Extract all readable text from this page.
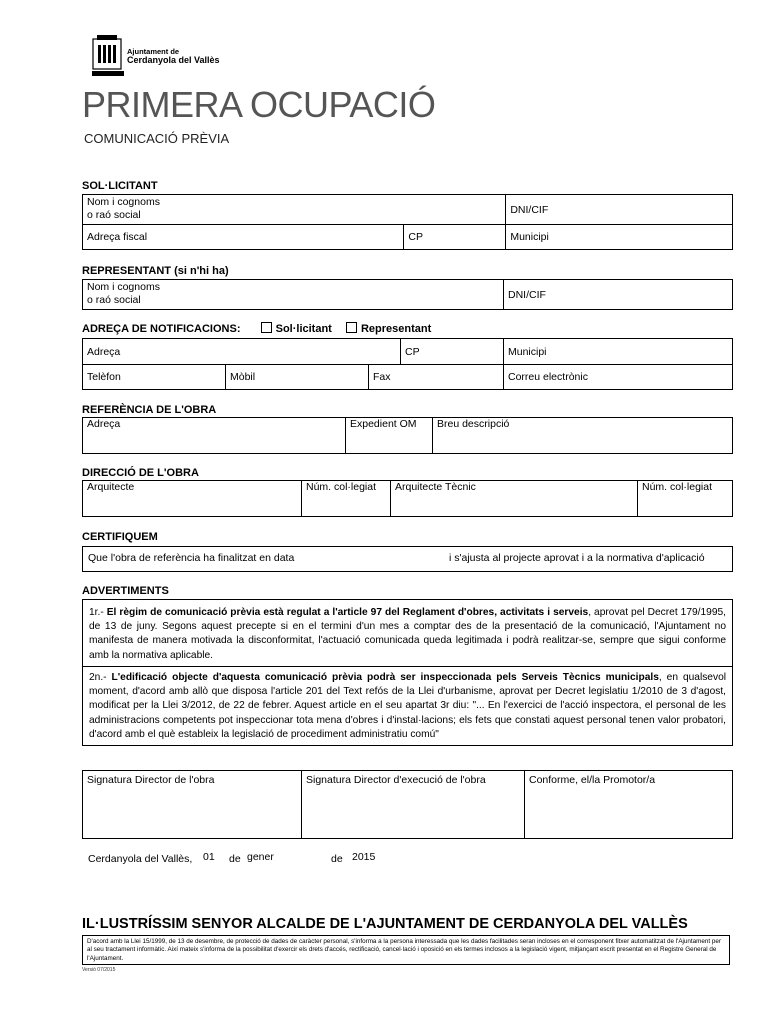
Ajuntament de
Cerdanyola del Vallès
PRIMERA OCUPACIÓ
COMUNICACIÓ PRÈVIA
SOL·LICITANT
Nom i cognoms
o raó social		DNI/CIF
Adreça fiscal	CP	Municipi
REPRESENTANT (si n'hi ha)
Nom i cognoms
o raó social	DNI/CIF
ADREÇA DE NOTIFICACIONS:	Sol·licitant	Representant
Adreça			CP	Municipi
Telèfon	Mòbil	Fax		Correu electrònic
REFERÈNCIA DE L'OBRA
Adreça	Expedient OM	Breu descripció
DIRECCIÓ DE L'OBRA
Arquitecte	Núm. col·legiat	Arquitecte Tècnic	Núm. col·legiat
CERTIFIQUEM
Que l'obra de referència ha finalitzat en data	i s'ajusta al projecte aprovat i a la normativa d'aplicació
ADVERTIMENTS

1r.- El règim de comunicació prèvia està regulat a l'article 97 del Reglament d'obres, activitats i serveis, aprovat pel Decret 179/1995, de 13 de juny. Segons aquest precepte si en el termini d'un mes a comptar des de la presentació de la comunicació, l'Ajuntament no manifesta de manera motivada la disconformitat, l'actuació comunicada queda legitimada i podrà realitzar-se, sempre que sigui conforme amb la normativa aplicable.

2n.- L'edificació objecte d'aquesta comunicació prèvia podrà ser inspeccionada pels Serveis Tècnics municipals, en qualsevol moment, d'acord amb allò que disposa l'article 201 del Text refós de la Llei d'urbanisme, aprovat per Decret legislatiu 1/2010 de 3 d'agost, modificat per la Llei 3/2012, de 22 de febrer. Aquest article en el seu apartat 3r diu: "... En l'exercici de l'acció inspectora, el personal de les administracions competents pot inspeccionar tota mena d'obres i d'instal·lacions; els fets que constati aquest personal tenen valor probatori, d'acord amb el què estableix la legislació de procediment administratiu comú"

Signatura Director de l'obra	Signatura Director d'execució de l'obra	Conforme, el/la Promotor/a
Cerdanyola del Vallès, 01 de gener	de 2015
IL·LUSTRÍSSIM SENYOR ALCALDE DE L'AJUNTAMENT DE CERDANYOLA DEL VALLÈS
D'acord amb la Llei 15/1999, de 13 de desembre, de protecció de dades de caràcter personal, s'informa a la persona interessada que les dades facilitades seran incloses en el corresponent fitxer automatitzat de l'Ajuntament per al seu tractament informàtic. Així mateix s'informa de la possibilitat d'exercir els drets d'accés, rectificació, cancel·lació i oposició en els termes inclosos a la legislació vigent, mitjançant escrit presentat en el Registre General de l'Ajuntament.
Versió 07/2015
